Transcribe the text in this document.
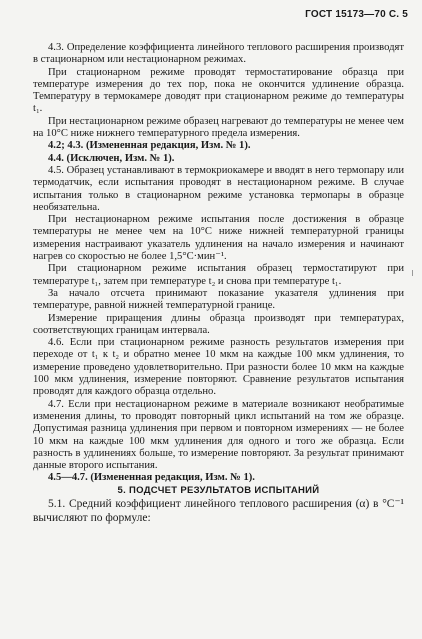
ГОСТ 15173—70 С. 5

4.3. Определение коэффициента линейного теплового расширения производят в стационарном или нестационарном режимах.

При стационарном режиме проводят термостатирование образца при температуре измерения до тех пор, пока не окончится удлинение образца. Температуру в термокамере доводят при стационарном режиме до температуры t₁.

При нестационарном режиме образец нагревают до температуры не менее чем на 10°С ниже нижнего температурного предела измерения.

4.2; 4.3. (Измененная редакция, Изм. № 1).

4.4. (Исключен, Изм. № 1).

4.5. Образец устанавливают в термокриокамере и вводят в него термопару или термодатчик, если испытания проводят в нестационарном режиме. В случае испытания только в стационарном режиме установка термопары в образце необязательна.

При нестационарном режиме испытания после достижения в образце температуры не менее чем на 10°С ниже нижней температурной границы измерения настраивают указатель удлинения на начало измерения и начинают нагрев со скоростью не более 1,5°С·мин⁻¹.

При стационарном режиме испытания образец термостатируют при температуре t₁, затем при температуре t₂ и снова при температуре t₁.

За начало отсчета принимают показание указателя удлинения при температуре, равной нижней температурной границе.

Измерение приращения длины образца производят при температурах, соответствующих границам интервала.

4.6. Если при стационарном режиме разность результатов измерения при переходе от t₁ к t₂ и обратно менее 10 мкм на каждые 100 мкм удлинения, то измерение проведено удовлетворительно. При разности более 10 мкм на каждые 100 мкм удлинения, измерение повторяют. Сравнение результатов испытания проводят для каждого образца отдельно.

4.7. Если при нестационарном режиме в материале возникают необратимые изменения длины, то проводят повторный цикл испытаний на том же образце. Допустимая разница удлинения при первом и повторном измерениях — не более 10 мкм на каждые 100 мкм удлинения для одного и того же образца. Если разность в удлинениях больше, то измерение повторяют. За результат принимают данные второго испытания.

4.5—4.7. (Измененная редакция, Изм. № 1).

5. ПОДСЧЕТ РЕЗУЛЬТАТОВ ИСПЫТАНИЙ

5.1. Средний коэффициент линейного теплового расширения (α) в °С⁻¹ вычисляют по формуле:
